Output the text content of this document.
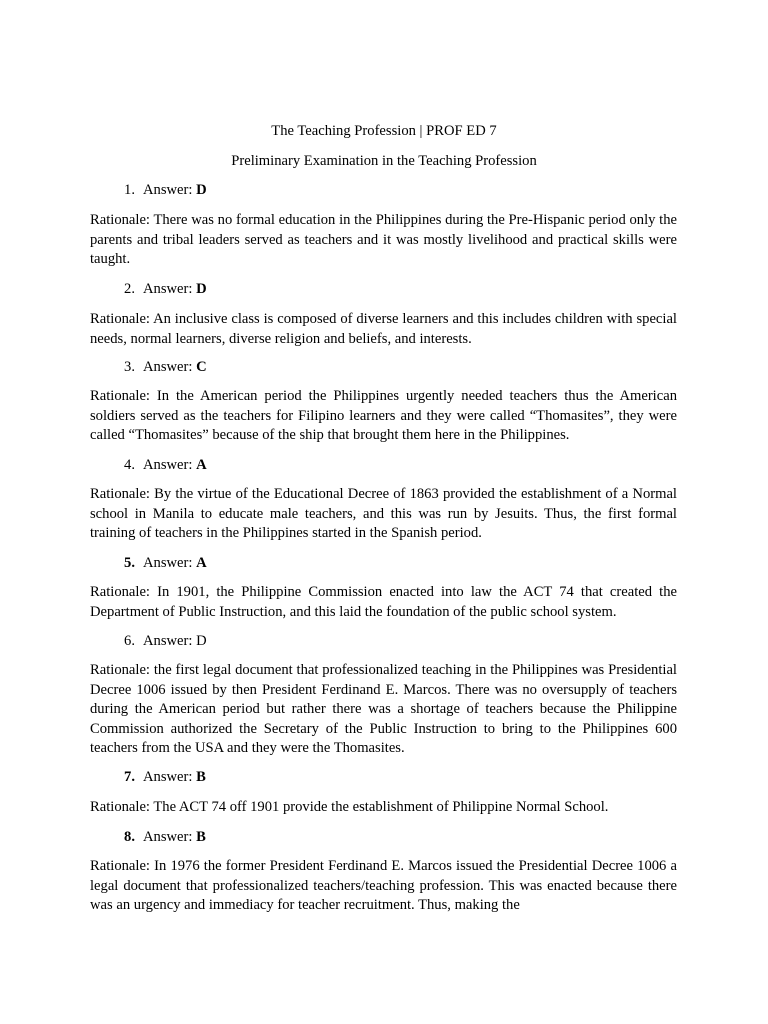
The Teaching Profession | PROF ED 7
Preliminary Examination in the Teaching Profession
1. Answer: D

Rationale: There was no formal education in the Philippines during the Pre-Hispanic period only the parents and tribal leaders served as teachers and it was mostly livelihood and practical skills were taught.

2. Answer: D

Rationale: An inclusive class is composed of diverse learners and this includes children with special needs, normal learners, diverse religion and beliefs, and interests.

3. Answer: C

Rationale: In the American period the Philippines urgently needed teachers thus the American soldiers served as the teachers for Filipino learners and they were called “Thomasites”, they were called “Thomasites” because of the ship that brought them here in the Philippines.

4. Answer: A

Rationale: By the virtue of the Educational Decree of 1863 provided the establishment of a Normal school in Manila to educate male teachers, and this was run by Jesuits. Thus, the first formal training of teachers in the Philippines started in the Spanish period.

5. Answer: A

Rationale: In 1901, the Philippine Commission enacted into law the ACT 74 that created the Department of Public Instruction, and this laid the foundation of the public school system.

6. Answer: D

Rationale: the first legal document that professionalized teaching in the Philippines was Presidential Decree 1006 issued by then President Ferdinand E. Marcos. There was no oversupply of teachers during the American period but rather there was a shortage of teachers because the Philippine Commission authorized the Secretary of the Public Instruction to bring to the Philippines 600 teachers from the USA and they were the Thomasites.

7. Answer: B

Rationale: The ACT 74 off 1901 provide the establishment of Philippine Normal School.

8. Answer: B

Rationale: In 1976 the former President Ferdinand E. Marcos issued the Presidential Decree 1006 a legal document that professionalized teachers/teaching profession. This was enacted because there was an urgency and immediacy for teacher recruitment. Thus, making the
